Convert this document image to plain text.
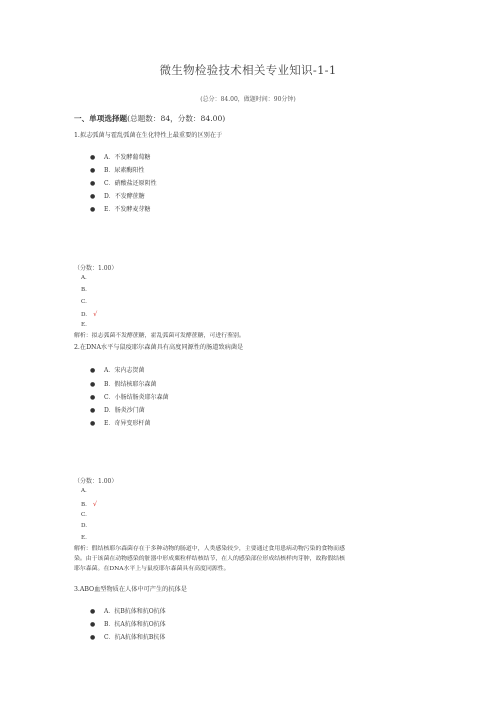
微生物检验技术相关专业知识-1-1
(总分：84.00，做题时间：90分钟)
一、单项选择题(总题数：84，分数：84.00)
1.拟志弧菌与霍乱弧菌在生化特性上最重要的区别在于
● A．不发酵葡萄糖
● B．尿素酶阳性
● C．硝酸盐还原阴性
● D．不发酵蔗糖
● E．不发酵麦芽糖
（分数：1.00）
A.
B.
C.
D. √
E.
解析：拟志弧菌不发酵蔗糖，霍乱弧菌可发酵蔗糖，可进行鉴别。
2.在DNA水平与鼠疫耶尔森菌具有高度同源性的肠道致病菌是
● A．宋内志贺菌
● B．假结核耶尔森菌
● C．小肠结肠炎耶尔森菌
● D．肠炎沙门菌
● E．奇异变形杆菌
（分数：1.00）
A.
B. √
C.
D.
E.
解析：假结核耶尔森菌存在于多种动物的肠道中，人类感染较少，主要通过食用患病动物污染的食物而感
染。由于该菌在动物感染的脏器中形成粟粒样结核结节，在人的感染部位形成结核样肉芽肿，故称假结核
耶尔森菌。在DNA水平上与鼠疫耶尔森菌具有高度同源性。
3.ABO血型物质在人体中可产生的抗体是
● A．抗B抗体和抗O抗体
● B．抗A抗体和抗O抗体
● C．抗A抗体和抗B抗体
